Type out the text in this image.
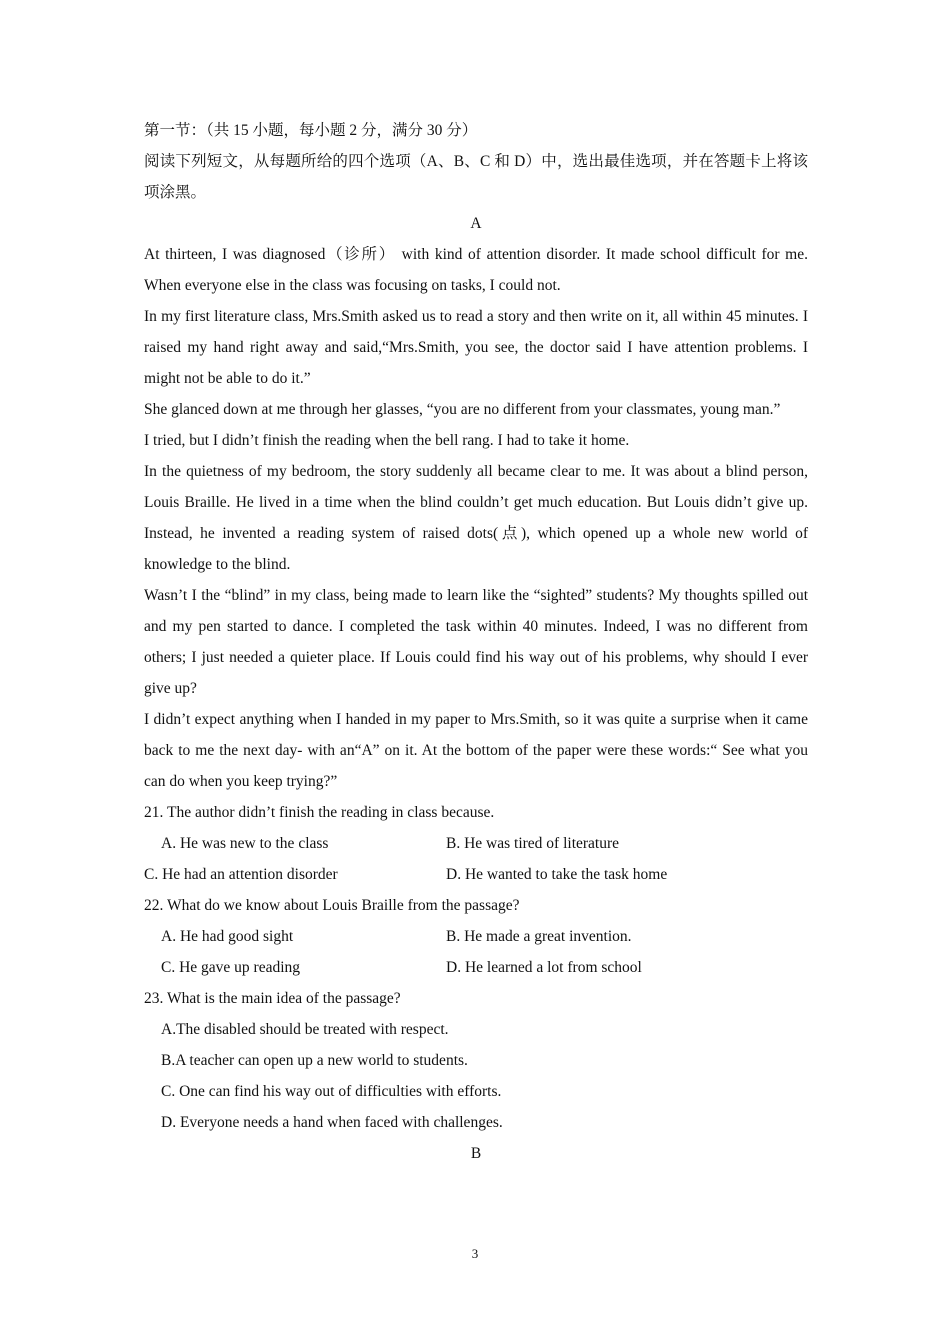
第一节：（共 15 小题，每小题 2 分，满分 30 分）

阅读下列短文，从每题所给的四个选项（A、B、C 和 D）中，选出最佳选项，并在答题卡上将该项涂黑。

A

At thirteen, I was diagnosed（诊所） with kind of attention disorder. It made school difficult for me. When everyone else in the class was focusing on tasks, I could not.

In my first literature class, Mrs.Smith asked us to read a story and then write on it, all within 45 minutes. I raised my hand right away and said,“Mrs.Smith, you see, the doctor said I have attention problems. I might not be able to do it.”

She glanced down at me through her glasses, “you are no different from your classmates, young man.”

I tried, but I didn’t finish the reading when the bell rang. I had to take it home.

In the quietness of my bedroom, the story suddenly all became clear to me. It was about a blind person, Louis Braille. He lived in a time when the blind couldn’t get much education. But Louis didn’t give up. Instead, he invented a reading system of raised dots(点), which opened up a whole new world of knowledge to the blind.

Wasn’t I the “blind” in my class, being made to learn like the “sighted” students? My thoughts spilled out and my pen started to dance. I completed the task within 40 minutes. Indeed, I was no different from others; I just needed a quieter place. If Louis could find his way out of his problems, why should I ever give up?

I didn’t expect anything when I handed in my paper to Mrs.Smith, so it was quite a surprise when it came back to me the next day- with an“A” on it. At the bottom of the paper were these words:“ See what you can do when you keep trying?”

21. The author didn’t finish the reading in class because.

A. He was new to the class	B. He was tired of literature
C. He had an attention disorder	D. He wanted to take the task home

22. What do we know about Louis Braille from the passage?

A. He had good sight	B. He made a great invention.
C. He gave up reading	D. He learned a lot from school

23. What is the main idea of the passage?

A.The disabled should be treated with respect.

B.A teacher can open up a new world to students.

C. One can find his way out of difficulties with efforts.

D. Everyone needs a hand when faced with challenges.

B

3
